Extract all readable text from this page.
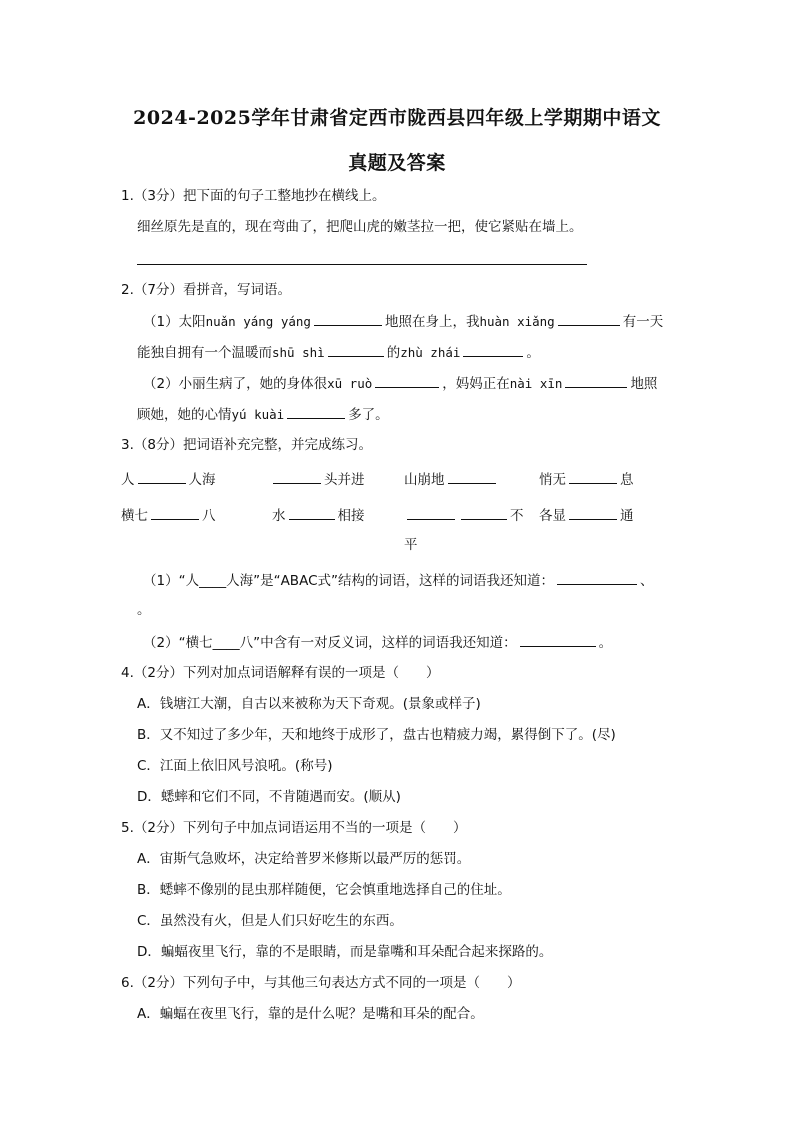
2024-2025学年甘肃省定西市陇西县四年级上学期期中语文
真题及答案
1.（3分）把下面的句子工整地抄在横线上。
细丝原先是直的，现在弯曲了，把爬山虎的嫩茎拉一把，使它紧贴在墙上。
2.（7分）看拼音，写词语。
（1）太阳nuǎn yáng yáng	地照在身上，我huàn xiǎng	有一天
能独自拥有一个温暖而shū shì	的zhù zhái	。
（2）小丽生病了，她的身体很xū ruò	，妈妈正在nài xīn	地照
顾她，她的心情yú kuài	多了。
3.（8分）把词语补充完整，并完成练习。
人	人海	头并进	山崩地	悄无	息
横七	八	水	相接	不
平
各显	通
（1）“人____人海”是“ABAC式”结构的词语，这样的词语我还知道：	、
。
（2）“横七____八”中含有一对反义词，这样的词语我还知道：	。
4.（2分）下列对加点词语解释有误的一项是（　　）
A．钱塘江大潮，自古以来被称为天下奇观。(景象或样子)
B．又不知过了多少年，天和地终于成形了，盘古也精疲力竭，累得倒下了。(尽)
C．江面上依旧风号浪吼。(称号)
D．蟋蟀和它们不同，不肯随遇而安。(顺从)
5.（2分）下列句子中加点词语运用不当的一项是（　　）
A．宙斯气急败坏，决定给普罗米修斯以最严厉的惩罚。
B．蟋蟀不像别的昆虫那样随便，它会慎重地选择自己的住址。
C．虽然没有火，但是人们只好吃生的东西。
D．蝙蝠夜里飞行，靠的不是眼睛，而是靠嘴和耳朵配合起来探路的。
6.（2分）下列句子中，与其他三句表达方式不同的一项是（　　）
A．蝙蝠在夜里飞行，靠的是什么呢？是嘴和耳朵的配合。
